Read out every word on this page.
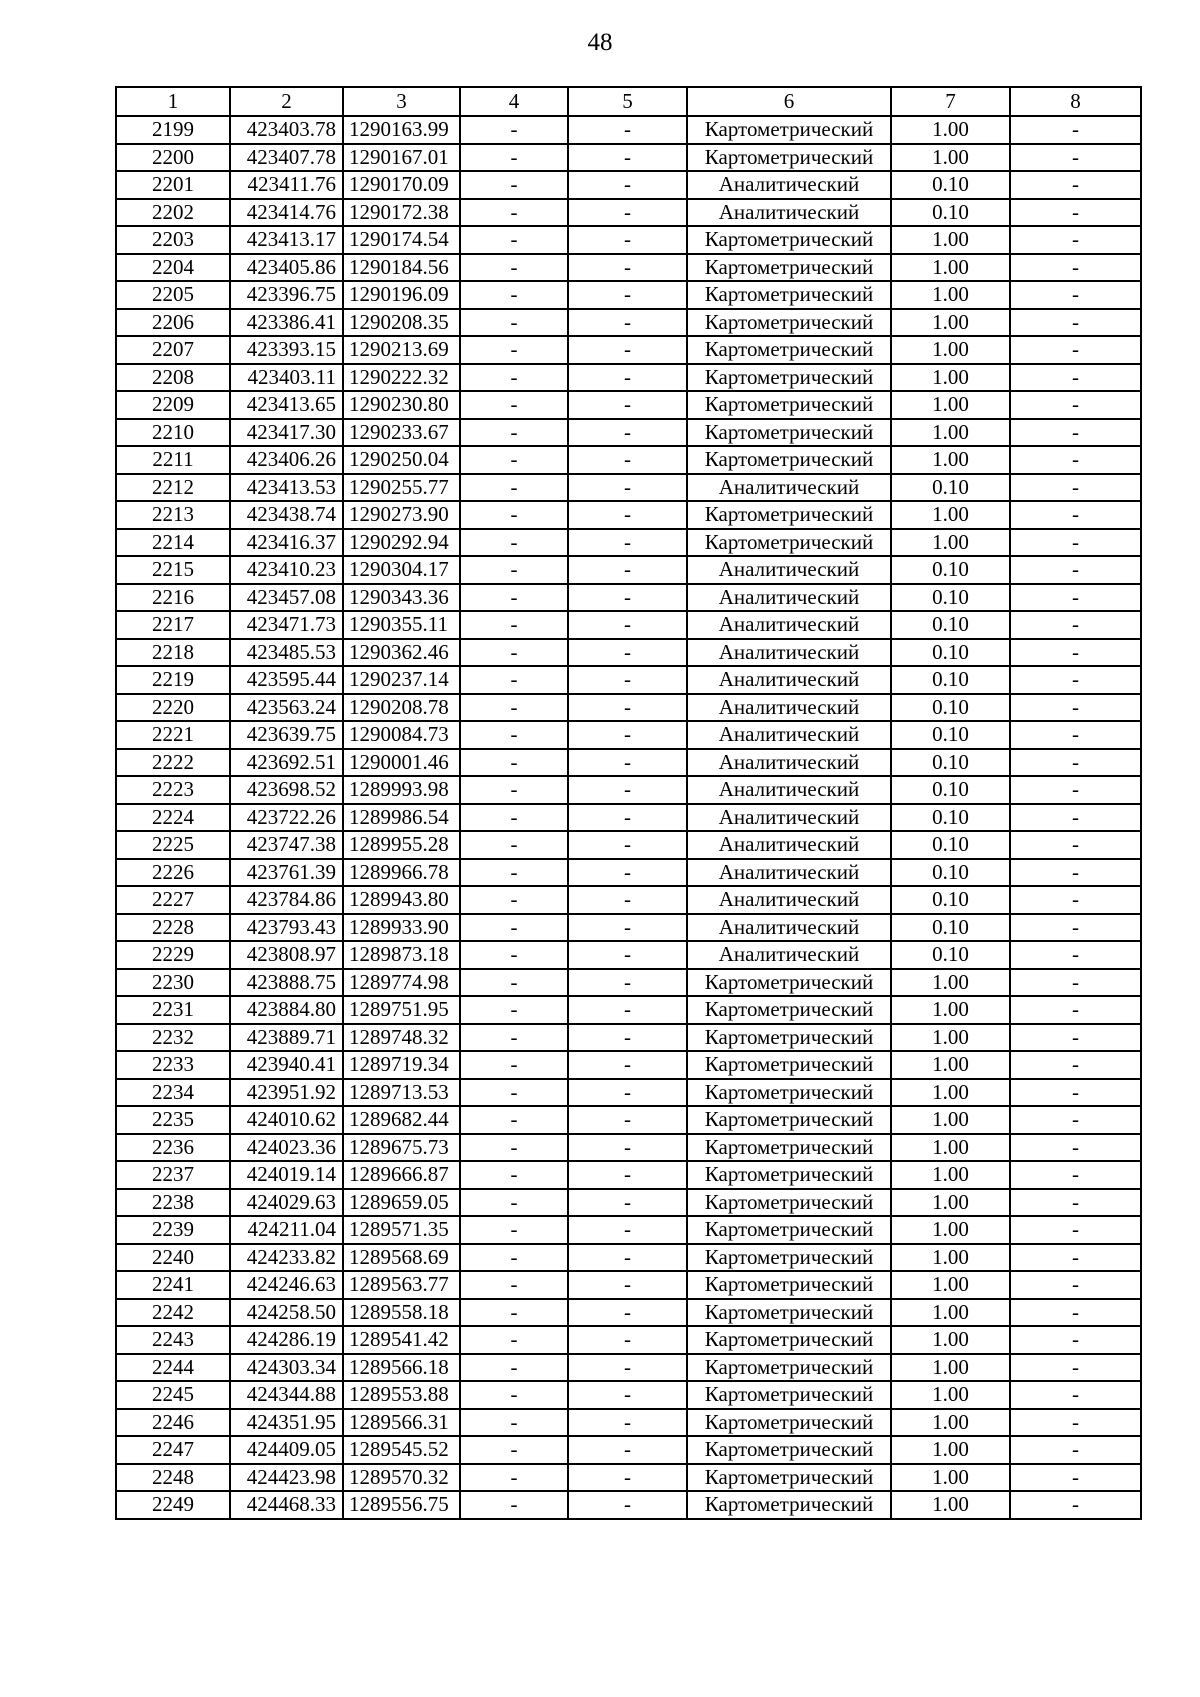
48
1	2	3	4	5	6	7	8
2199	423403.78	1290163.99	-	-	Картометрический	1.00	-
2200	423407.78	1290167.01	-	-	Картометрический	1.00	-
2201	423411.76	1290170.09	-	-	Аналитический	0.10	-
2202	423414.76	1290172.38	-	-	Аналитический	0.10	-
2203	423413.17	1290174.54	-	-	Картометрический	1.00	-
2204	423405.86	1290184.56	-	-	Картометрический	1.00	-
2205	423396.75	1290196.09	-	-	Картометрический	1.00	-
2206	423386.41	1290208.35	-	-	Картометрический	1.00	-
2207	423393.15	1290213.69	-	-	Картометрический	1.00	-
2208	423403.11	1290222.32	-	-	Картометрический	1.00	-
2209	423413.65	1290230.80	-	-	Картометрический	1.00	-
2210	423417.30	1290233.67	-	-	Картометрический	1.00	-
2211	423406.26	1290250.04	-	-	Картометрический	1.00	-
2212	423413.53	1290255.77	-	-	Аналитический	0.10	-
2213	423438.74	1290273.90	-	-	Картометрический	1.00	-
2214	423416.37	1290292.94	-	-	Картометрический	1.00	-
2215	423410.23	1290304.17	-	-	Аналитический	0.10	-
2216	423457.08	1290343.36	-	-	Аналитический	0.10	-
2217	423471.73	1290355.11	-	-	Аналитический	0.10	-
2218	423485.53	1290362.46	-	-	Аналитический	0.10	-
2219	423595.44	1290237.14	-	-	Аналитический	0.10	-
2220	423563.24	1290208.78	-	-	Аналитический	0.10	-
2221	423639.75	1290084.73	-	-	Аналитический	0.10	-
2222	423692.51	1290001.46	-	-	Аналитический	0.10	-
2223	423698.52	1289993.98	-	-	Аналитический	0.10	-
2224	423722.26	1289986.54	-	-	Аналитический	0.10	-
2225	423747.38	1289955.28	-	-	Аналитический	0.10	-
2226	423761.39	1289966.78	-	-	Аналитический	0.10	-
2227	423784.86	1289943.80	-	-	Аналитический	0.10	-
2228	423793.43	1289933.90	-	-	Аналитический	0.10	-
2229	423808.97	1289873.18	-	-	Аналитический	0.10	-
2230	423888.75	1289774.98	-	-	Картометрический	1.00	-
2231	423884.80	1289751.95	-	-	Картометрический	1.00	-
2232	423889.71	1289748.32	-	-	Картометрический	1.00	-
2233	423940.41	1289719.34	-	-	Картометрический	1.00	-
2234	423951.92	1289713.53	-	-	Картометрический	1.00	-
2235	424010.62	1289682.44	-	-	Картометрический	1.00	-
2236	424023.36	1289675.73	-	-	Картометрический	1.00	-
2237	424019.14	1289666.87	-	-	Картометрический	1.00	-
2238	424029.63	1289659.05	-	-	Картометрический	1.00	-
2239	424211.04	1289571.35	-	-	Картометрический	1.00	-
2240	424233.82	1289568.69	-	-	Картометрический	1.00	-
2241	424246.63	1289563.77	-	-	Картометрический	1.00	-
2242	424258.50	1289558.18	-	-	Картометрический	1.00	-
2243	424286.19	1289541.42	-	-	Картометрический	1.00	-
2244	424303.34	1289566.18	-	-	Картометрический	1.00	-
2245	424344.88	1289553.88	-	-	Картометрический	1.00	-
2246	424351.95	1289566.31	-	-	Картометрический	1.00	-
2247	424409.05	1289545.52	-	-	Картометрический	1.00	-
2248	424423.98	1289570.32	-	-	Картометрический	1.00	-
2249	424468.33	1289556.75	-	-	Картометрический	1.00	-
